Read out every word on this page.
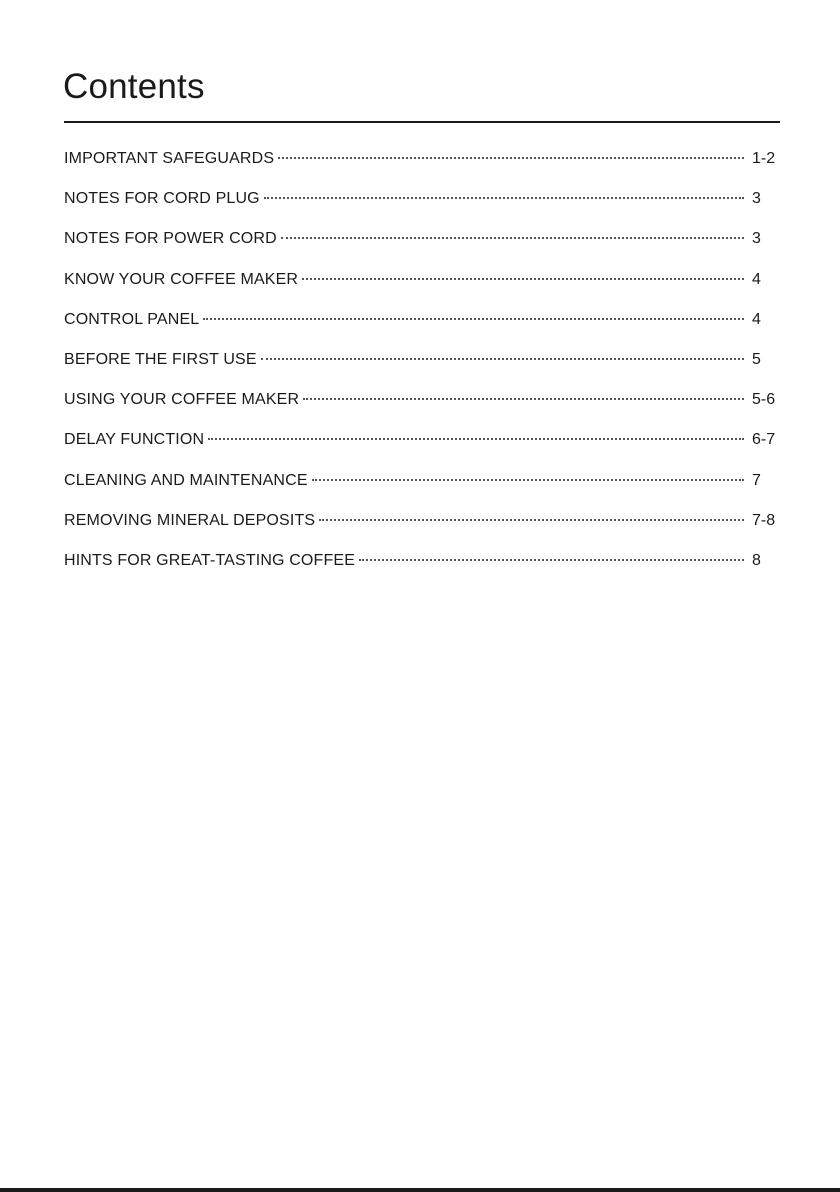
Contents
IMPORTANT SAFEGUARDS	1-2
NOTES FOR CORD PLUG	3
NOTES FOR POWER CORD	3
KNOW YOUR COFFEE MAKER	4
CONTROL PANEL	4
BEFORE THE FIRST USE	5
USING YOUR COFFEE MAKER	5-6
DELAY FUNCTION	6-7
CLEANING AND MAINTENANCE	7
REMOVING MINERAL DEPOSITS	7-8
HINTS FOR GREAT-TASTING COFFEE	8
